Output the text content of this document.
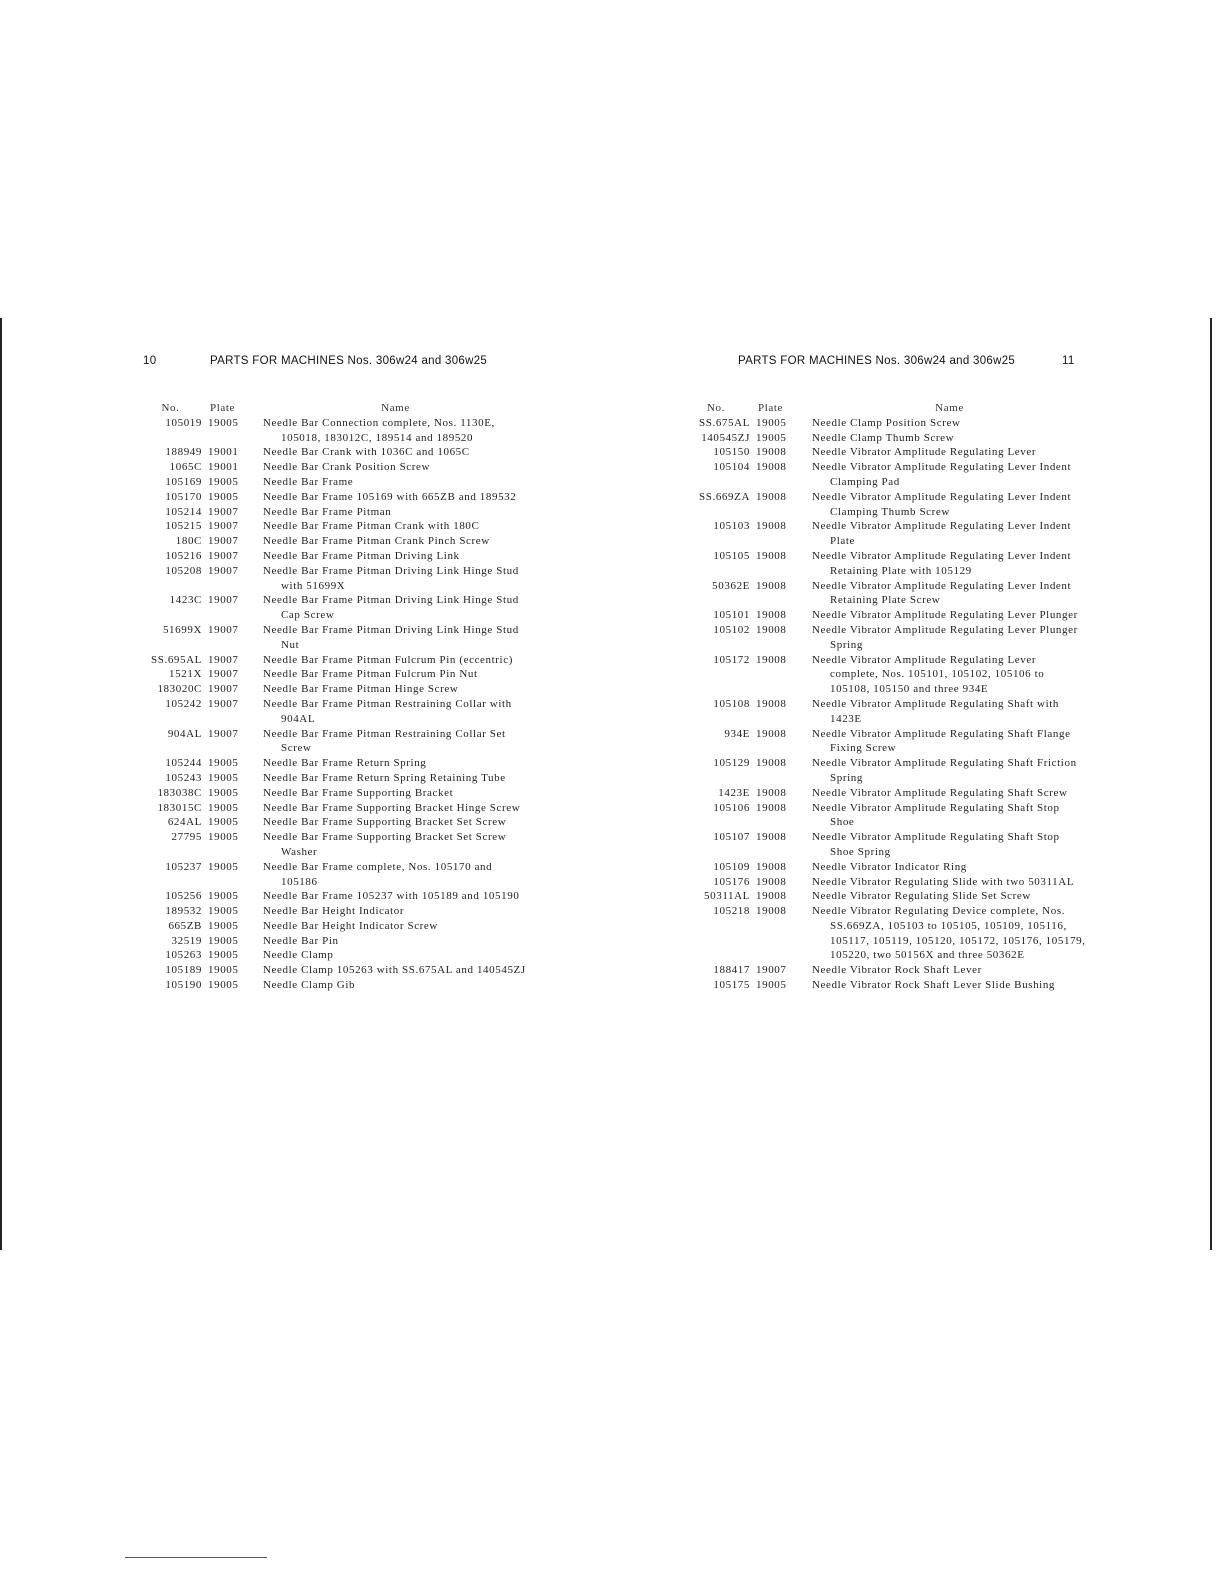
10	PARTS FOR MACHINES Nos. 306w24 and 306w25
No.	Plate	Name
105019	19005	Needle Bar Connection complete, Nos. 1130E, 105018, 183012C, 189514 and 189520

188949	19001	Needle Bar Crank with 1036C and 1065C

1065C	19001	Needle Bar Crank Position Screw

105169	19005	Needle Bar Frame

105170	19005	Needle Bar Frame 105169 with 665ZB and 189532

105214	19007	Needle Bar Frame Pitman

105215	19007	Needle Bar Frame Pitman Crank with 180C

180C	19007	Needle Bar Frame Pitman Crank Pinch Screw

105216	19007	Needle Bar Frame Pitman Driving Link

105208	19007	Needle Bar Frame Pitman Driving Link Hinge Stud with 51699X

1423C	19007	Needle Bar Frame Pitman Driving Link Hinge Stud Cap Screw

51699X	19007	Needle Bar Frame Pitman Driving Link Hinge Stud Nut

SS.695AL	19007	Needle Bar Frame Pitman Fulcrum Pin (eccentric)

1521X	19007	Needle Bar Frame Pitman Fulcrum Pin Nut

183020C	19007	Needle Bar Frame Pitman Hinge Screw

105242	19007	Needle Bar Frame Pitman Restraining Collar with 904AL

904AL	19007	Needle Bar Frame Pitman Restraining Collar Set Screw

105244	19005	Needle Bar Frame Return Spring

105243	19005	Needle Bar Frame Return Spring Retaining Tube

183038C	19005	Needle Bar Frame Supporting Bracket

183015C	19005	Needle Bar Frame Supporting Bracket Hinge Screw

624AL	19005	Needle Bar Frame Supporting Bracket Set Screw

27795	19005	Needle Bar Frame Supporting Bracket Set Screw Washer

105237	19005	Needle Bar Frame complete, Nos. 105170 and 105186

105256	19005	Needle Bar Frame 105237 with 105189 and 105190

189532	19005	Needle Bar Height Indicator

665ZB	19005	Needle Bar Height Indicator Screw

32519	19005	Needle Bar Pin

105263	19005	Needle Clamp

105189	19005	Needle Clamp 105263 with SS.675AL and 140545ZJ

105190	19005	Needle Clamp Gib
PARTS FOR MACHINES Nos. 306w24 and 306w25	11
No.	Plate	Name
SS.675AL	19005	Needle Clamp Position Screw

140545ZJ	19005	Needle Clamp Thumb Screw

105150	19008	Needle Vibrator Amplitude Regulating Lever

105104	19008	Needle Vibrator Amplitude Regulating Lever Indent Clamping Pad

SS.669ZA	19008	Needle Vibrator Amplitude Regulating Lever Indent Clamping Thumb Screw

105103	19008	Needle Vibrator Amplitude Regulating Lever Indent Plate

105105	19008	Needle Vibrator Amplitude Regulating Lever Indent Retaining Plate with 105129

50362E	19008	Needle Vibrator Amplitude Regulating Lever Indent Retaining Plate Screw

105101	19008	Needle Vibrator Amplitude Regulating Lever Plunger

105102	19008	Needle Vibrator Amplitude Regulating Lever Plunger Spring

105172	19008	Needle Vibrator Amplitude Regulating Lever complete, Nos. 105101, 105102, 105106 to 105108, 105150 and three 934E

105108	19008	Needle Vibrator Amplitude Regulating Shaft with 1423E

934E	19008	Needle Vibrator Amplitude Regulating Shaft Flange Fixing Screw

105129	19008	Needle Vibrator Amplitude Regulating Shaft Friction Spring

1423E	19008	Needle Vibrator Amplitude Regulating Shaft Screw

105106	19008	Needle Vibrator Amplitude Regulating Shaft Stop Shoe

105107	19008	Needle Vibrator Amplitude Regulating Shaft Stop Shoe Spring

105109	19008	Needle Vibrator Indicator Ring

105176	19008	Needle Vibrator Regulating Slide with two 50311AL

50311AL	19008	Needle Vibrator Regulating Slide Set Screw

105218	19008	Needle Vibrator Regulating Device complete, Nos. SS.669ZA, 105103 to 105105, 105109, 105116, 105117, 105119, 105120, 105172, 105176, 105179, 105220, two 50156X and three 50362E

188417	19007	Needle Vibrator Rock Shaft Lever

105175	19005	Needle Vibrator Rock Shaft Lever Slide Bushing
